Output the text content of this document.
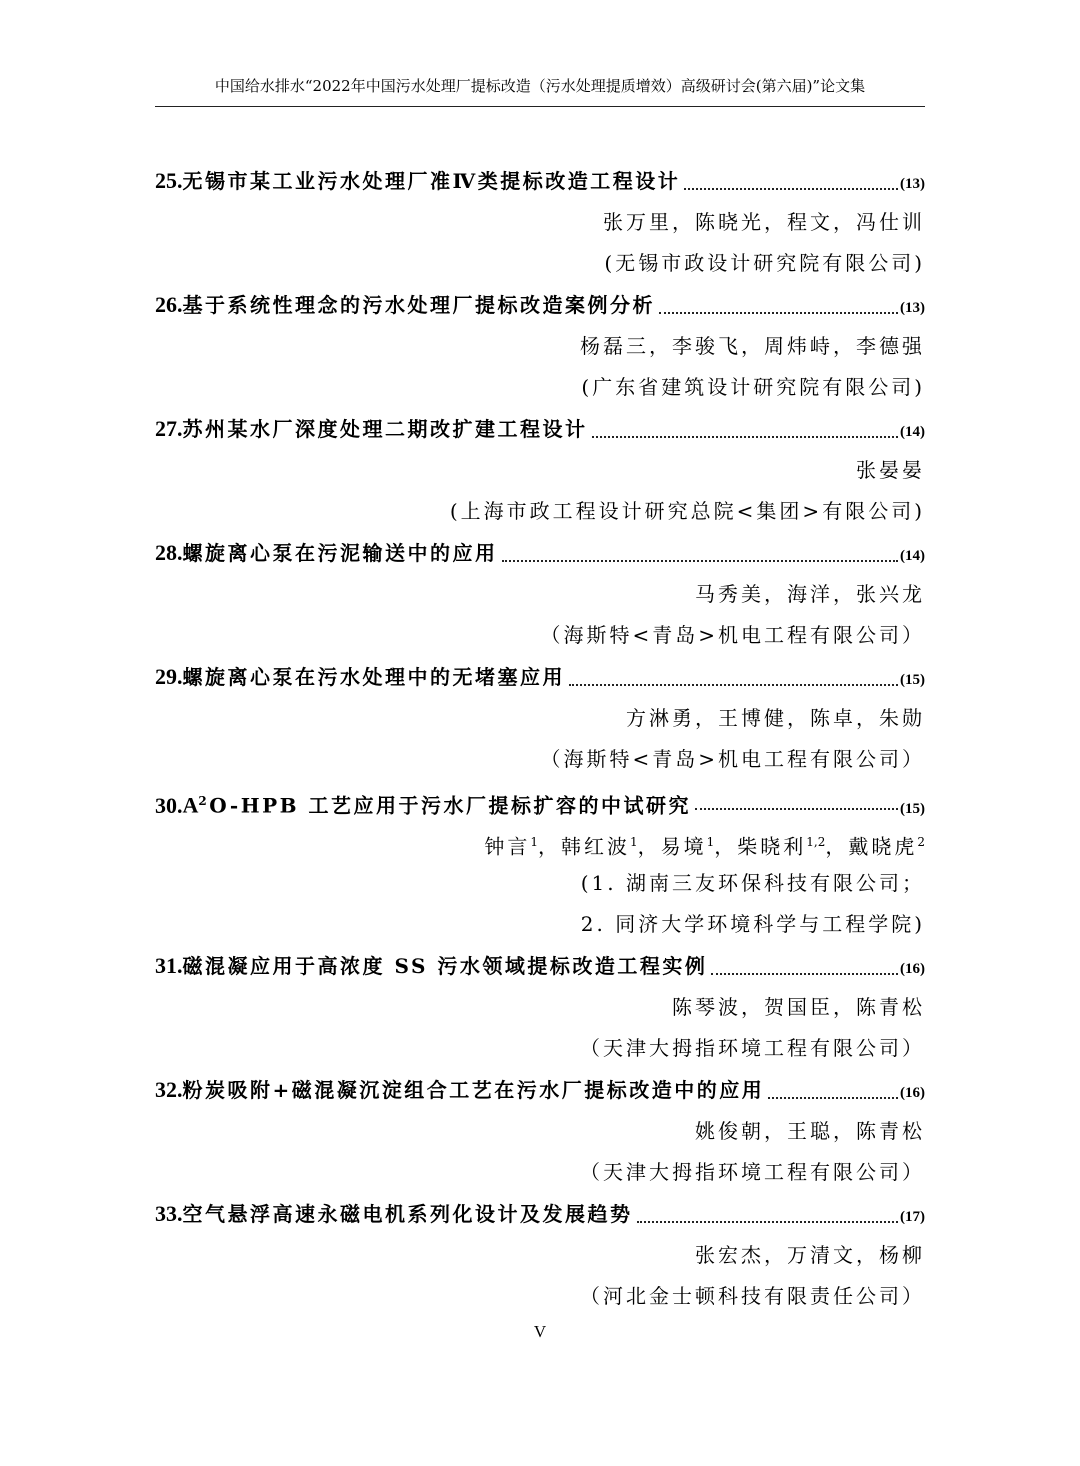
中国给水排水“2022年中国污水处理厂提标改造（污水处理提质增效）高级研讨会(第六届)”论文集
25. 无锡市某工业污水处理厂准Ⅳ类提标改造工程设计	(13)
张万里，陈晓光，程文，冯仕训
(无锡市政设计研究院有限公司)
26. 基于系统性理念的污水处理厂提标改造案例分析	(13)
杨磊三，李骏飞，周炜峙，李德强
(广东省建筑设计研究院有限公司)
27. 苏州某水厂深度处理二期改扩建工程设计	(14)
张晏晏
(上海市政工程设计研究总院<集团>有限公司)
28. 螺旋离心泵在污泥输送中的应用	(14)
马秀美，海洋，张兴龙
（海斯特<青岛>机电工程有限公司）
29. 螺旋离心泵在污水处理中的无堵塞应用	(15)
方淋勇，王博健，陈卓，朱勋
（海斯特<青岛>机电工程有限公司）
30. $A^2O$-HPB 工艺应用于污水厂提标扩容的中试研究	(15)
钟言$^1$，韩红波$^1$，易境$^1$，柴晓利$^{1,2}$，戴晓虎$^2$
(1. 湖南三友环保科技有限公司；
2. 同济大学环境科学与工程学院)
31. 磁混凝应用于高浓度 SS 污水领域提标改造工程实例	(16)
陈琴波，贺国臣，陈青松
（天津大拇指环境工程有限公司）
32. 粉炭吸附+磁混凝沉淀组合工艺在污水厂提标改造中的应用	(16)
姚俊朝，王聪，陈青松
（天津大拇指环境工程有限公司）
33. 空气悬浮高速永磁电机系列化设计及发展趋势	(17)
张宏杰，万清文，杨柳
（河北金士顿科技有限责任公司）
V
